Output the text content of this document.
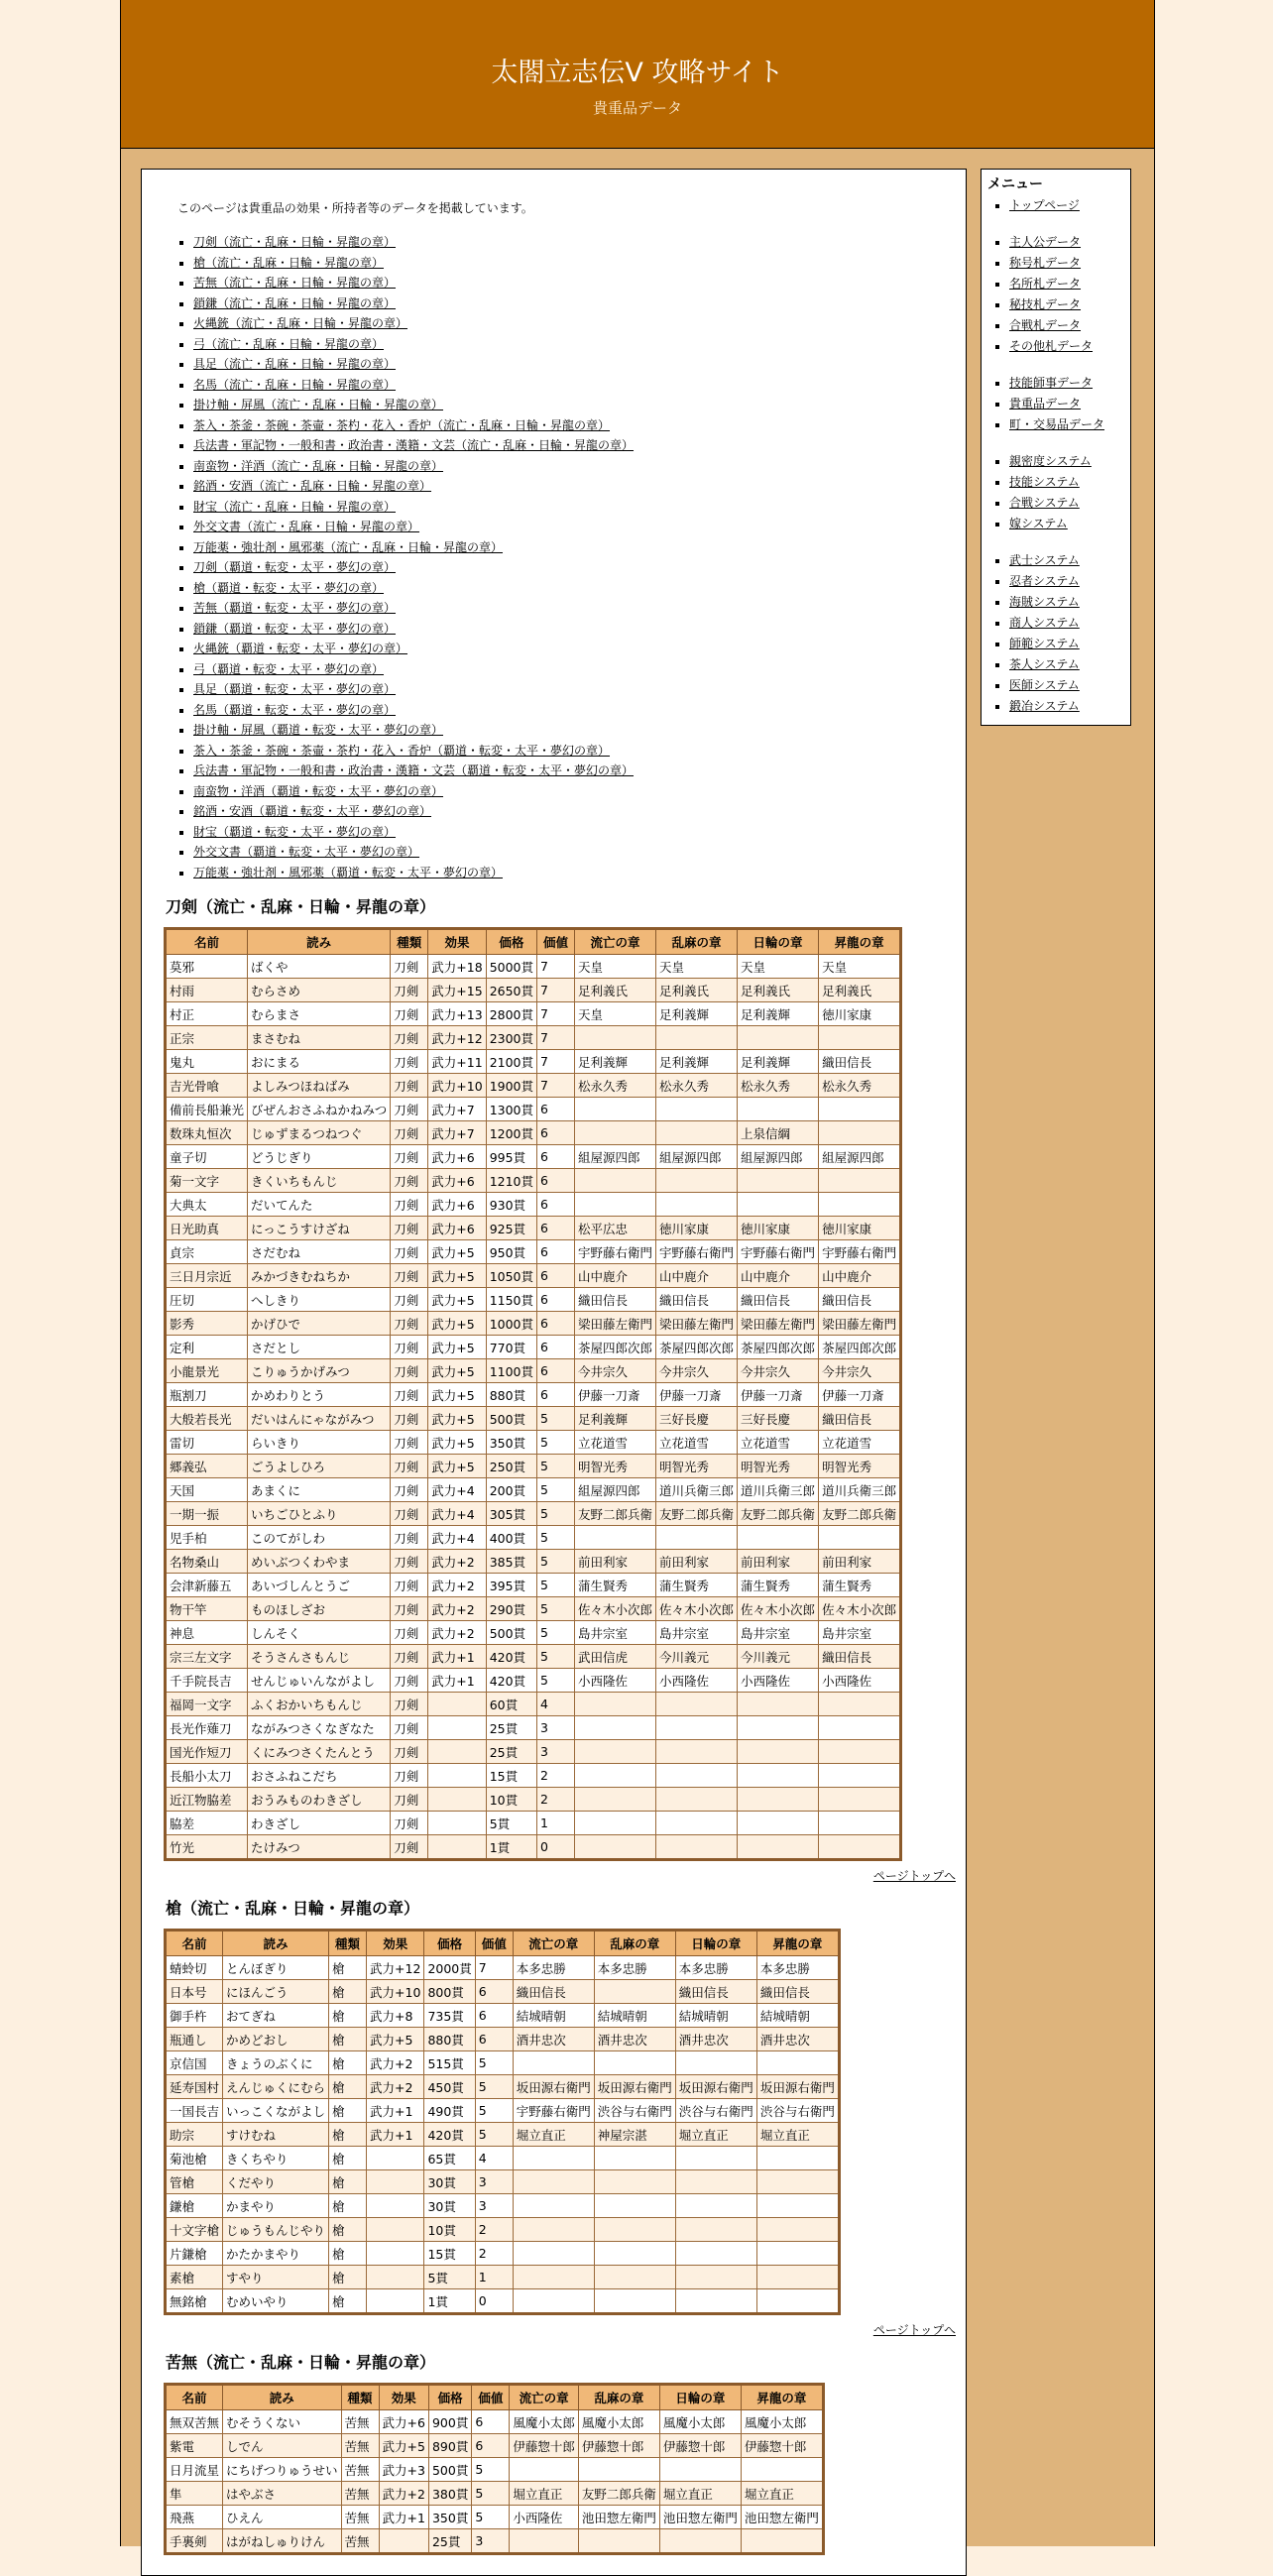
太閤立志伝V 攻略サイト
貴重品データ
このページは貴重品の効果・所持者等のデータを掲載しています。
▪ 刀剣（流亡・乱麻・日輪・昇龍の章）
▪ 槍（流亡・乱麻・日輪・昇龍の章）
▪ 苦無（流亡・乱麻・日輪・昇龍の章）
▪ 鎖鎌（流亡・乱麻・日輪・昇龍の章）
▪ 火縄銃（流亡・乱麻・日輪・昇龍の章）
▪ 弓（流亡・乱麻・日輪・昇龍の章）
▪ 具足（流亡・乱麻・日輪・昇龍の章）
▪ 名馬（流亡・乱麻・日輪・昇龍の章）
▪ 掛け軸・屏風（流亡・乱麻・日輪・昇龍の章）
▪ 茶入・茶釜・茶碗・茶壷・茶杓・花入・香炉（流亡・乱麻・日輪・昇龍の章）
▪ 兵法書・軍記物・一般和書・政治書・漢籍・文芸（流亡・乱麻・日輪・昇龍の章）
▪ 南蛮物・洋酒（流亡・乱麻・日輪・昇龍の章）
▪ 銘酒・安酒（流亡・乱麻・日輪・昇龍の章）
▪ 財宝（流亡・乱麻・日輪・昇龍の章）
▪ 外交文書（流亡・乱麻・日輪・昇龍の章）
▪ 万能薬・強壮剤・風邪薬（流亡・乱麻・日輪・昇龍の章）
▪ 刀剣（覇道・転変・太平・夢幻の章）
▪ 槍（覇道・転変・太平・夢幻の章）
▪ 苦無（覇道・転変・太平・夢幻の章）
▪ 鎖鎌（覇道・転変・太平・夢幻の章）
▪ 火縄銃（覇道・転変・太平・夢幻の章）
▪ 弓（覇道・転変・太平・夢幻の章）
▪ 具足（覇道・転変・太平・夢幻の章）
▪ 名馬（覇道・転変・太平・夢幻の章）
▪ 掛け軸・屏風（覇道・転変・太平・夢幻の章）
▪ 茶入・茶釜・茶碗・茶壷・茶杓・花入・香炉（覇道・転変・太平・夢幻の章）
▪ 兵法書・軍記物・一般和書・政治書・漢籍・文芸（覇道・転変・太平・夢幻の章）
▪ 南蛮物・洋酒（覇道・転変・太平・夢幻の章）
▪ 銘酒・安酒（覇道・転変・太平・夢幻の章）
▪ 財宝（覇道・転変・太平・夢幻の章）
▪ 外交文書（覇道・転変・太平・夢幻の章）
▪ 万能薬・強壮剤・風邪薬（覇道・転変・太平・夢幻の章）
刀剣（流亡・乱麻・日輪・昇龍の章）
名前	読み	種類	効果	価格	価値	流亡の章	乱麻の章	日輪の章	昇龍の章
莫邪	ばくや	刀剣	武力+18	5000貫	7	天皇	天皇	天皇	天皇
村雨	むらさめ	刀剣	武力+15	2650貫	7	足利義氏	足利義氏	足利義氏	足利義氏
村正	むらまさ	刀剣	武力+13	2800貫	7	天皇	足利義輝	足利義輝	徳川家康
正宗	まさむね	刀剣	武力+12	2300貫	7				
鬼丸	おにまる	刀剣	武力+11	2100貫	7	足利義輝	足利義輝	足利義輝	織田信長
吉光骨喰	よしみつほねばみ	刀剣	武力+10	1900貫	7	松永久秀	松永久秀	松永久秀	松永久秀
備前長船兼光	びぜんおさふねかねみつ	刀剣	武力+7	1300貫	6				
数珠丸恒次	じゅずまるつねつぐ	刀剣	武力+7	1200貫	6			上泉信綱	
童子切	どうじぎり	刀剣	武力+6	995貫	6	組屋源四郎	組屋源四郎	組屋源四郎	組屋源四郎
菊一文字	きくいちもんじ	刀剣	武力+6	1210貫	6				
大典太	だいてんた	刀剣	武力+6	930貫	6				
日光助真	にっこうすけざね	刀剣	武力+6	925貫	6	松平広忠	徳川家康	徳川家康	徳川家康
貞宗	さだむね	刀剣	武力+5	950貫	6	宇野藤右衛門	宇野藤右衛門	宇野藤右衛門	宇野藤右衛門
三日月宗近	みかづきむねちか	刀剣	武力+5	1050貫	6	山中鹿介	山中鹿介	山中鹿介	山中鹿介
圧切	へしきり	刀剣	武力+5	1150貫	6	織田信長	織田信長	織田信長	織田信長
影秀	かげひで	刀剣	武力+5	1000貫	6	梁田藤左衛門	梁田藤左衛門	梁田藤左衛門	梁田藤左衛門
定利	さだとし	刀剣	武力+5	770貫	6	茶屋四郎次郎	茶屋四郎次郎	茶屋四郎次郎	茶屋四郎次郎
小龍景光	こりゅうかげみつ	刀剣	武力+5	1100貫	6	今井宗久	今井宗久	今井宗久	今井宗久
瓶割刀	かめわりとう	刀剣	武力+5	880貫	6	伊藤一刀斎	伊藤一刀斎	伊藤一刀斎	伊藤一刀斎
大般若長光	だいはんにゃながみつ	刀剣	武力+5	500貫	5	足利義輝	三好長慶	三好長慶	織田信長
雷切	らいきり	刀剣	武力+5	350貫	5	立花道雪	立花道雪	立花道雪	立花道雪
郷義弘	ごうよしひろ	刀剣	武力+5	250貫	5	明智光秀	明智光秀	明智光秀	明智光秀
天国	あまくに	刀剣	武力+4	200貫	5	組屋源四郎	道川兵衛三郎	道川兵衛三郎	道川兵衛三郎
一期一振	いちごひとふり	刀剣	武力+4	305貫	5	友野二郎兵衛	友野二郎兵衛	友野二郎兵衛	友野二郎兵衛
児手柏	このてがしわ	刀剣	武力+4	400貫	5				
名物桑山	めいぶつくわやま	刀剣	武力+2	385貫	5	前田利家	前田利家	前田利家	前田利家
会津新藤五	あいづしんとうご	刀剣	武力+2	395貫	5	蒲生賢秀	蒲生賢秀	蒲生賢秀	蒲生賢秀
物干竿	ものほしざお	刀剣	武力+2	290貫	5	佐々木小次郎	佐々木小次郎	佐々木小次郎	佐々木小次郎
神息	しんそく	刀剣	武力+2	500貫	5	島井宗室	島井宗室	島井宗室	島井宗室
宗三左文字	そうさんさもんじ	刀剣	武力+1	420貫	5	武田信虎	今川義元	今川義元	織田信長
千手院長吉	せんじゅいんながよし	刀剣	武力+1	420貫	5	小西隆佐	小西隆佐	小西隆佐	小西隆佐
福岡一文字	ふくおかいちもんじ	刀剣		60貫	4				
長光作薙刀	ながみつさくなぎなた	刀剣		25貫	3				
国光作短刀	くにみつさくたんとう	刀剣		25貫	3				
長船小太刀	おさふねこだち	刀剣		15貫	2				
近江物脇差	おうみものわきざし	刀剣		10貫	2				
脇差	わきざし	刀剣		5貫	1				
竹光	たけみつ	刀剣		1貫	0				
ページトップへ
槍（流亡・乱麻・日輪・昇龍の章）
名前	読み	種類	効果	価格	価値	流亡の章	乱麻の章	日輪の章	昇龍の章
蜻蛉切	とんぼぎり	槍	武力+12	2000貫	7	本多忠勝	本多忠勝	本多忠勝	本多忠勝
日本号	にほんごう	槍	武力+10	800貫	6	織田信長		織田信長	織田信長
御手杵	おてぎね	槍	武力+8	735貫	6	結城晴朝	結城晴朝	結城晴朝	結城晴朝
瓶通し	かめどおし	槍	武力+5	880貫	6	酒井忠次	酒井忠次	酒井忠次	酒井忠次
京信国	きょうのぶくに	槍	武力+2	515貫	5				
延寿国村	えんじゅくにむら	槍	武力+2	450貫	5	坂田源右衛門	坂田源右衛門	坂田源右衛門	坂田源右衛門
一国長吉	いっこくながよし	槍	武力+1	490貫	5	宇野藤右衛門	渋谷与右衛門	渋谷与右衛門	渋谷与右衛門
助宗	すけむね	槍	武力+1	420貫	5	堀立直正	神屋宗湛	堀立直正	堀立直正
菊池槍	きくちやり	槍		65貫	4				
管槍	くだやり	槍		30貫	3				
鎌槍	かまやり	槍		30貫	3				
十文字槍	じゅうもんじやり	槍		10貫	2				
片鎌槍	かたかまやり	槍		15貫	2				
素槍	すやり	槍		5貫	1				
無銘槍	むめいやり	槍		1貫	0				
ページトップへ
苦無（流亡・乱麻・日輪・昇龍の章）
名前	読み	種類	効果	価格	価値	流亡の章	乱麻の章	日輪の章	昇龍の章
無双苦無	むそうくない	苦無	武力+6	900貫	6	風魔小太郎	風魔小太郎	風魔小太郎	風魔小太郎
紫電	しでん	苦無	武力+5	890貫	6	伊藤惣十郎	伊藤惣十郎	伊藤惣十郎	伊藤惣十郎
日月流星	にちげつりゅうせい	苦無	武力+3	500貫	5				
隼	はやぶさ	苦無	武力+2	380貫	5	堀立直正	友野二郎兵衛	堀立直正	堀立直正
飛燕	ひえん	苦無	武力+1	350貫	5	小西隆佐	池田惣左衛門	池田惣左衛門	池田惣左衛門
手裏剣	はがねしゅりけん	苦無		25貫	3				
メニュー
▪ トップページ
▪ 主人公データ
▪ 称号札データ
▪ 名所札データ
▪ 秘技札データ
▪ 合戦札データ
▪ その他札データ
▪ 技能師事データ
▪ 貴重品データ
▪ 町・交易品データ
▪ 親密度システム
▪ 技能システム
▪ 合戦システム
▪ 嫁システム
▪ 武士システム
▪ 忍者システム
▪ 海賊システム
▪ 商人システム
▪ 師範システム
▪ 茶人システム
▪ 医師システム
▪ 鍛冶システム
